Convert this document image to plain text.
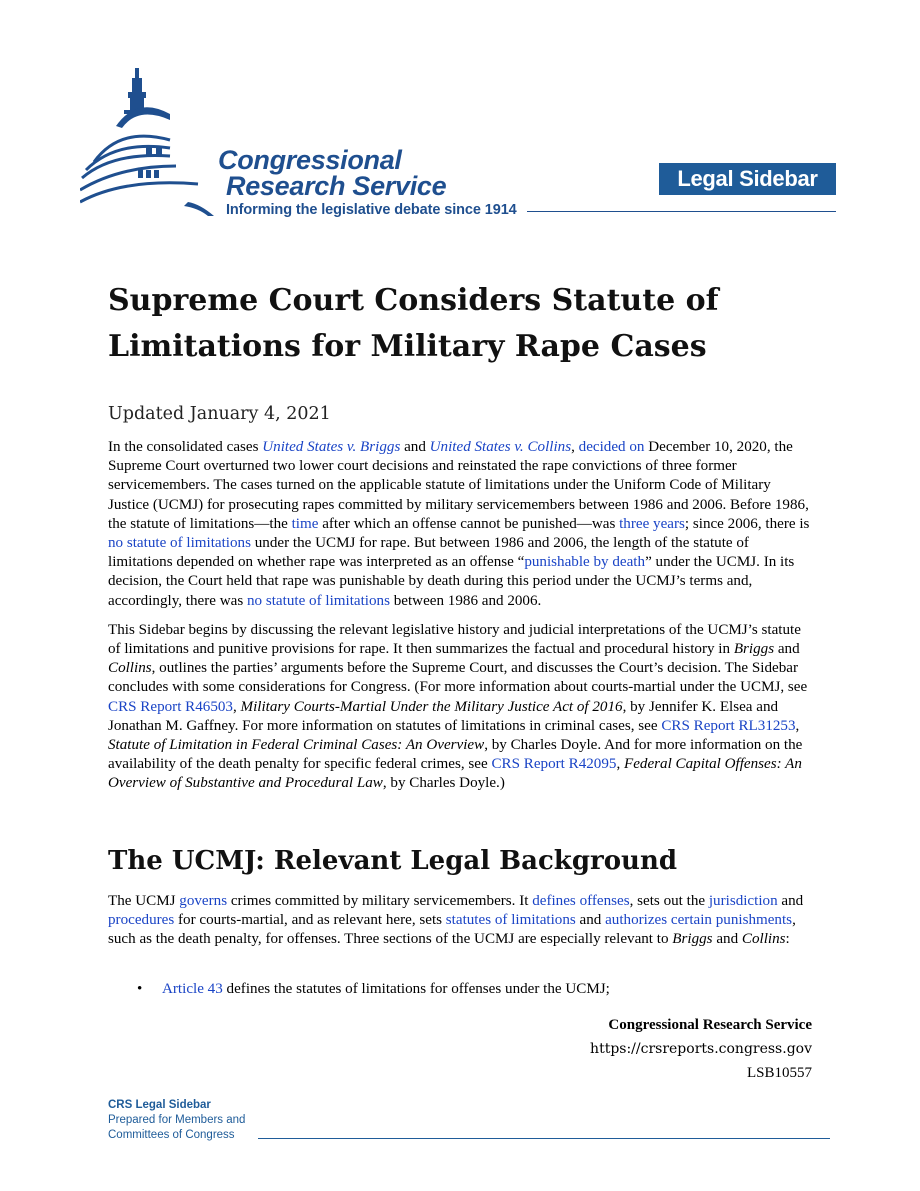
Congressional
Research Service
Informing the legislative debate since 1914
Legal Sidebar
Supreme Court Considers Statute of
Limitations for Military Rape Cases
Updated January 4, 2021

In the consolidated cases United States v. Briggs and United States v. Collins, decided on December 10, 2020, the Supreme Court overturned two lower court decisions and reinstated the rape convictions of three former servicemembers. The cases turned on the applicable statute of limitations under the Uniform Code of Military Justice (UCMJ) for prosecuting rapes committed by military servicemembers between 1986 and 2006. Before 1986, the statute of limitations—the time after which an offense cannot be punished—was three years; since 2006, there is no statute of limitations under the UCMJ for rape. But between 1986 and 2006, the length of the statute of limitations depended on whether rape was interpreted as an offense “punishable by death” under the UCMJ. In its decision, the Court held that rape was punishable by death during this period under the UCMJ’s terms and, accordingly, there was no statute of limitations between 1986 and 2006.

This Sidebar begins by discussing the relevant legislative history and judicial interpretations of the UCMJ’s statute of limitations and punitive provisions for rape. It then summarizes the factual and procedural history in Briggs and Collins, outlines the parties’ arguments before the Supreme Court, and discusses the Court’s decision. The Sidebar concludes with some considerations for Congress. (For more information about courts-martial under the UCMJ, see CRS Report R46503, Military Courts-Martial Under the Military Justice Act of 2016, by Jennifer K. Elsea and Jonathan M. Gaffney. For more information on statutes of limitations in criminal cases, see CRS Report RL31253, Statute of Limitation in Federal Criminal Cases: An Overview, by Charles Doyle. And for more information on the availability of the death penalty for specific federal crimes, see CRS Report R42095, Federal Capital Offenses: An Overview of Substantive and Procedural Law, by Charles Doyle.)

The UCMJ: Relevant Legal Background

The UCMJ governs crimes committed by military servicemembers. It defines offenses, sets out the jurisdiction and procedures for courts-martial, and as relevant here, sets statutes of limitations and authorizes certain punishments, such as the death penalty, for offenses. Three sections of the UCMJ are especially relevant to Briggs and Collins:

• Article 43 defines the statutes of limitations for offenses under the UCMJ;
Congressional Research Service
https://crsreports.congress.gov
LSB10557
CRS Legal Sidebar
Prepared for Members and
Committees of Congress
